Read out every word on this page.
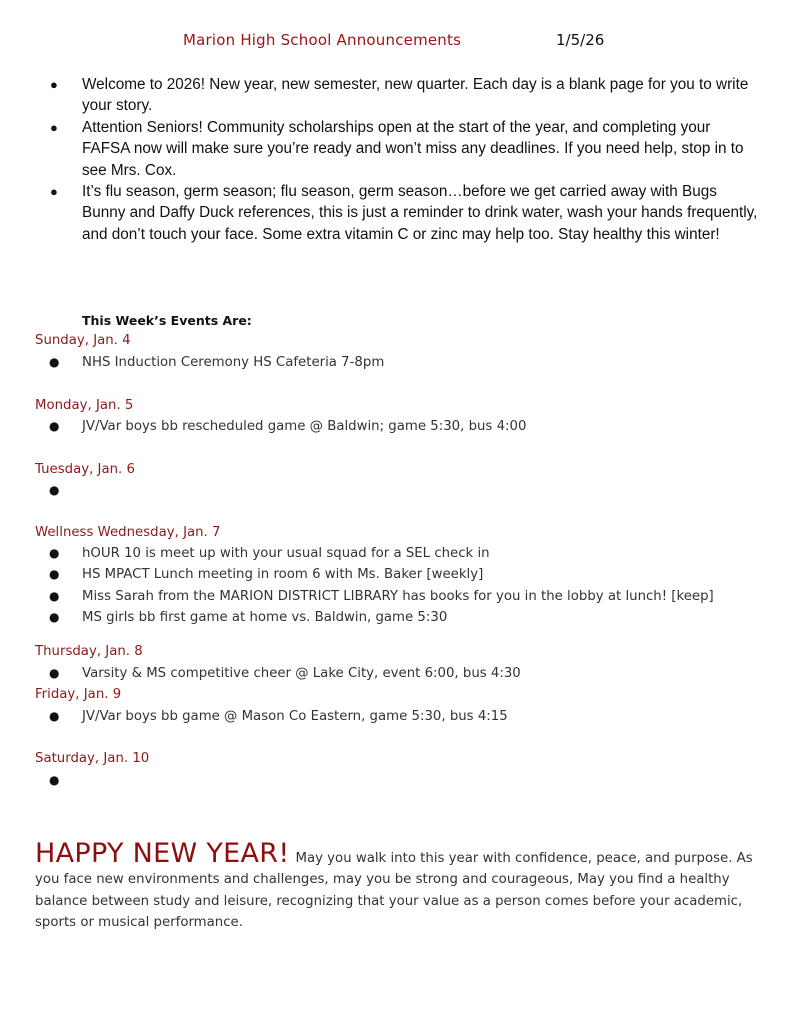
Marion High School Announcements	1/5/26
● Welcome to 2026! New year, new semester, new quarter. Each day is a blank page for you to write your story.
● Attention Seniors! Community scholarships open at the start of the year, and completing your FAFSA now will make sure you’re ready and won’t miss any deadlines. If you need help, stop in to see Mrs. Cox.
● It’s flu season, germ season; flu season, germ season…before we get carried away with Bugs Bunny and Daffy Duck references, this is just a reminder to drink water, wash your hands frequently, and don’t touch your face. Some extra vitamin C or zinc may help too. Stay healthy this winter!
This Week’s Events Are:
Sunday, Jan. 4
● NHS Induction Ceremony HS Cafeteria 7-8pm
Monday, Jan. 5
● JV/Var boys bb rescheduled game @ Baldwin; game 5:30, bus 4:00
Tuesday, Jan. 6
●
Wellness Wednesday, Jan. 7
● hOUR 10 is meet up with your usual squad for a SEL check in
● HS MPACT Lunch meeting in room 6 with Ms. Baker [weekly]
● Miss Sarah from the MARION DISTRICT LIBRARY has books for you in the lobby at lunch! [keep]
● MS girls bb first game at home vs. Baldwin, game 5:30
Thursday, Jan. 8
● Varsity & MS competitive cheer @ Lake City, event 6:00, bus 4:30
Friday, Jan. 9
● JV/Var boys bb game @ Mason Co Eastern, game 5:30, bus 4:15
Saturday, Jan. 10
●
HAPPY NEW YEAR! May you walk into this year with confidence, peace, and purpose. As you face new environments and challenges, may you be strong and courageous, May you find a healthy balance between study and leisure, recognizing that your value as a person comes before your academic, sports or musical performance.
